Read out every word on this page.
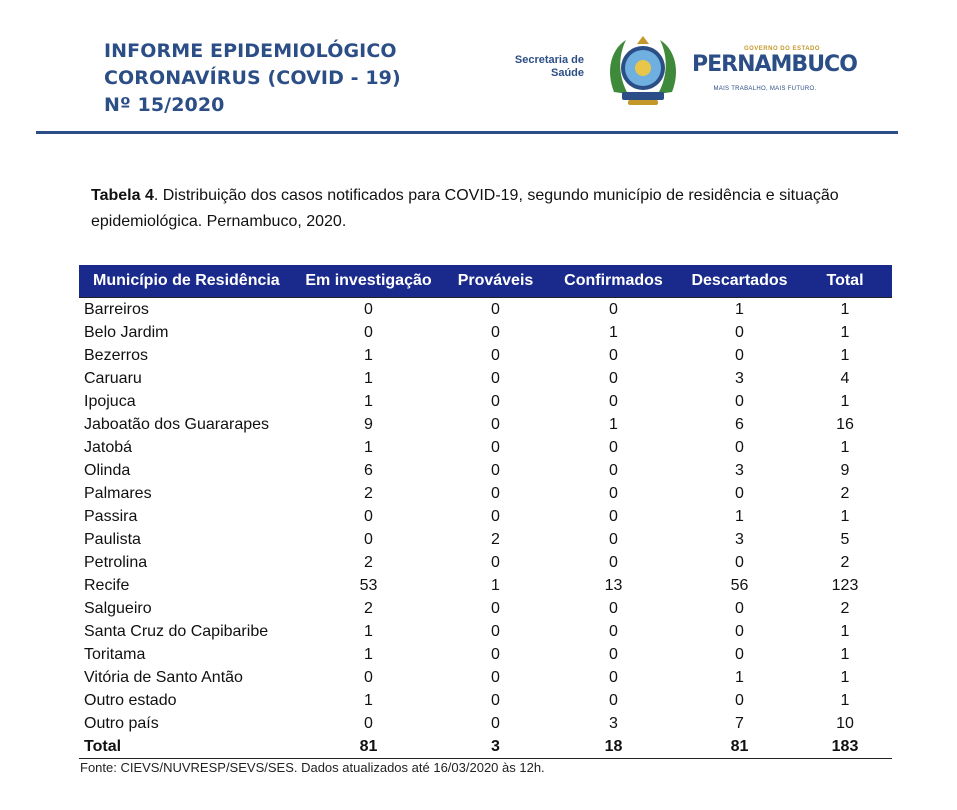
INFORME EPIDEMIOLÓGICO
CORONAVÍRUS (COVID - 19)
Nº 15/2020
Secretaria de
Saúde
GOVERNO DO ESTADO
PERNAMBUCO
MAIS TRABALHO, MAIS FUTURO.
Tabela 4. Distribuição dos casos notificados para COVID-19, segundo município de residência e situação epidemiológica. Pernambuco, 2020.
Município de Residência	Em investigação	Prováveis	Confirmados	Descartados	Total
Barreiros	0	0	0	1	1
Belo Jardim	0	0	1	0	1
Bezerros	1	0	0	0	1
Caruaru	1	0	0	3	4
Ipojuca	1	0	0	0	1
Jaboatão dos Guararapes	9	0	1	6	16
Jatobá	1	0	0	0	1
Olinda	6	0	0	3	9
Palmares	2	0	0	0	2
Passira	0	0	0	1	1
Paulista	0	2	0	3	5
Petrolina	2	0	0	0	2
Recife	53	1	13	56	123
Salgueiro	2	0	0	0	2
Santa Cruz do Capibaribe	1	0	0	0	1
Toritama	1	0	0	0	1
Vitória de Santo Antão	0	0	0	1	1
Outro estado	1	0	0	0	1
Outro país	0	0	3	7	10
Total	81	3	18	81	183
Fonte: CIEVS/NUVRESP/SEVS/SES. Dados atualizados até 16/03/2020 às 12h.
